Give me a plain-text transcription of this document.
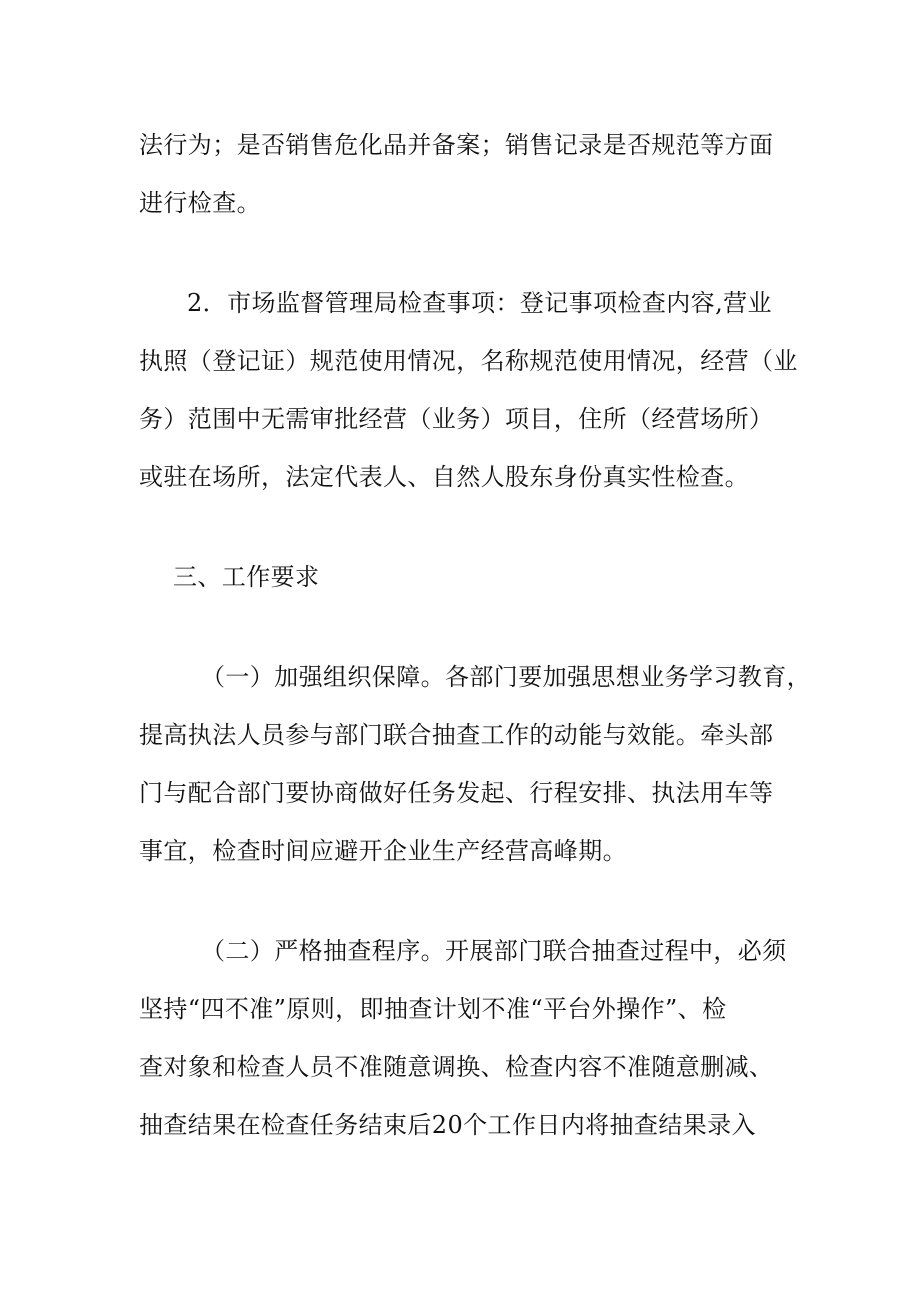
法行为；是否销售危化品并备案；销售记录是否规范等方面
进行检查。
2．市场监督管理局检查事项：登记事项检查内容,营业
执照（登记证）规范使用情况，名称规范使用情况，经营（业
务）范围中无需审批经营（业务）项目，住所（经营场所）
或驻在场所，法定代表人、自然人股东身份真实性检查。
三、工作要求
（一）加强组织保障。各部门要加强思想业务学习教育，
提高执法人员参与部门联合抽查工作的动能与效能。牵头部
门与配合部门要协商做好任务发起、行程安排、执法用车等
事宜，检查时间应避开企业生产经营高峰期。
（二）严格抽查程序。开展部门联合抽查过程中，必须
坚持“四不准”原则，即抽查计划不准“平台外操作”、检
查对象和检查人员不准随意调换、检查内容不准随意删减、
抽查结果在检查任务结束后20个工作日内将抽查结果录入
